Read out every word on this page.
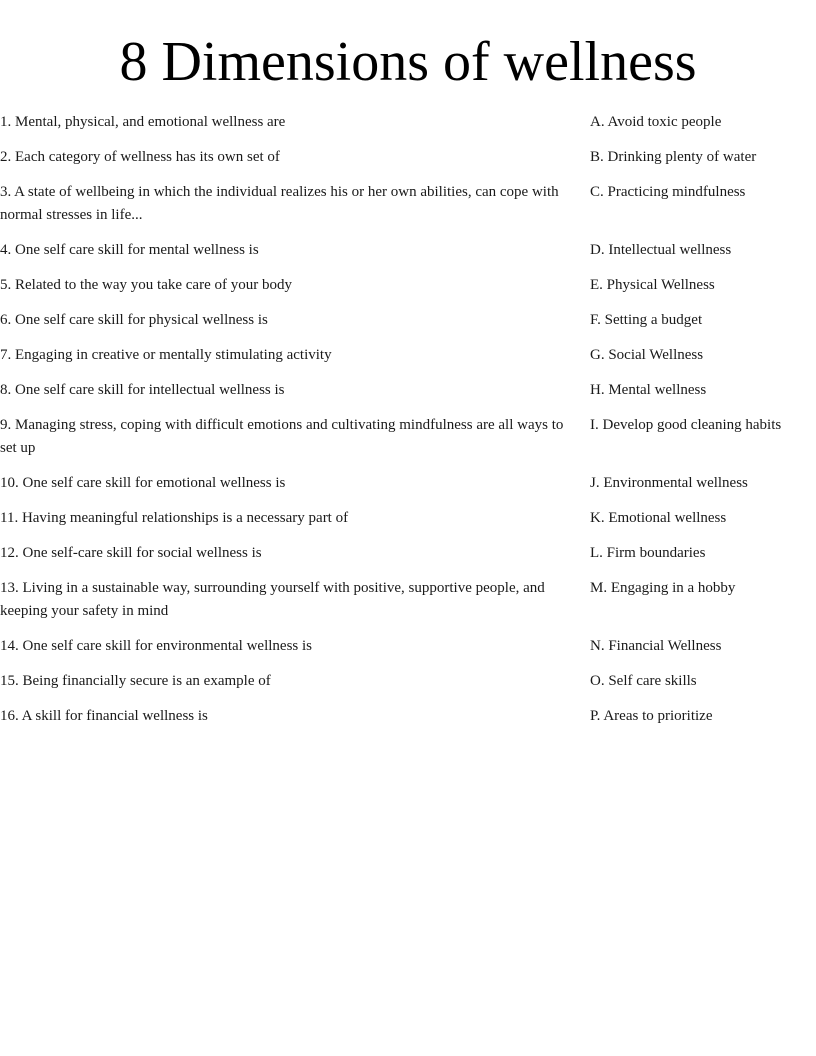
8 Dimensions of wellness
1. Mental, physical, and emotional wellness are	A. Avoid toxic people
2. Each category of wellness has its own set of	B. Drinking plenty of water
3. A state of wellbeing in which the individual realizes his or her own abilities, can cope with normal stresses in life...
C. Practicing mindfulness
4. One self care skill for mental wellness is	D. Intellectual wellness
5. Related to the way you take care of your body	E. Physical Wellness
6. One self care skill for physical wellness is	F. Setting a budget
7. Engaging in creative or mentally stimulating activity	G. Social Wellness
8. One self care skill for intellectual wellness is	H. Mental wellness
9. Managing stress, coping with difficult emotions and cultivating mindfulness are all ways to set up
I. Develop good cleaning habits
10. One self care skill for emotional wellness is	J. Environmental wellness
11. Having meaningful relationships is a necessary part of	K. Emotional wellness
12. One self-care skill for social wellness is	L. Firm boundaries
13. Living in a sustainable way, surrounding yourself with positive, supportive people, and keeping your safety in mind
M. Engaging in a hobby
14. One self care skill for environmental wellness is	N. Financial Wellness
15. Being financially secure is an example of	O. Self care skills
16. A skill for financial wellness is	P. Areas to prioritize
